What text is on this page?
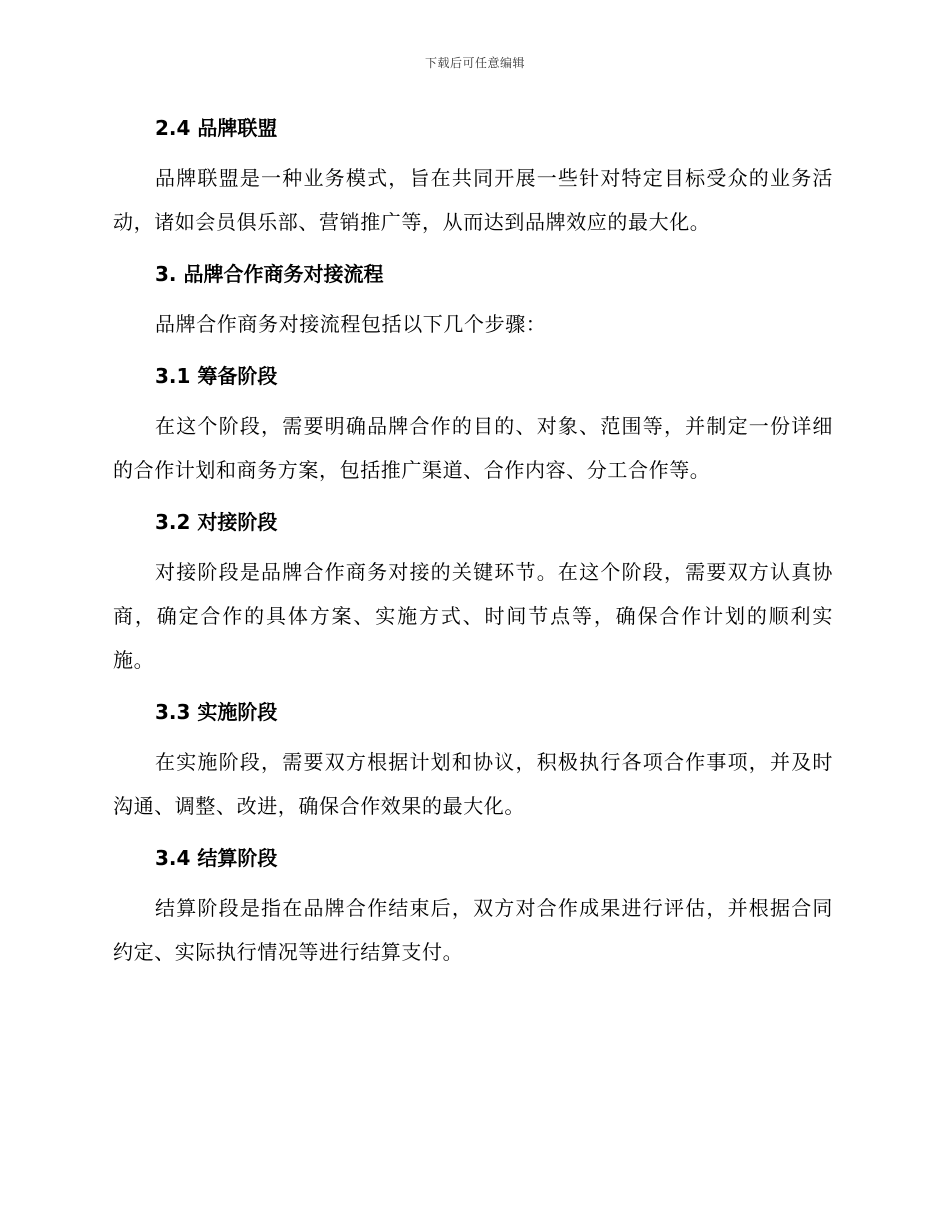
下载后可任意编辑
2.4 品牌联盟

品牌联盟是一种业务模式，旨在共同开展一些针对特定目标受众的业务活动，诸如会员俱乐部、营销推广等，从而达到品牌效应的最大化。

3. 品牌合作商务对接流程

品牌合作商务对接流程包括以下几个步骤：

3.1 筹备阶段

在这个阶段，需要明确品牌合作的目的、对象、范围等，并制定一份详细的合作计划和商务方案，包括推广渠道、合作内容、分工合作等。

3.2 对接阶段

对接阶段是品牌合作商务对接的关键环节。在这个阶段，需要双方认真协商，确定合作的具体方案、实施方式、时间节点等，确保合作计划的顺利实施。

3.3 实施阶段

在实施阶段，需要双方根据计划和协议，积极执行各项合作事项，并及时沟通、调整、改进，确保合作效果的最大化。

3.4 结算阶段

结算阶段是指在品牌合作结束后，双方对合作成果进行评估，并根据合同约定、实际执行情况等进行结算支付。
